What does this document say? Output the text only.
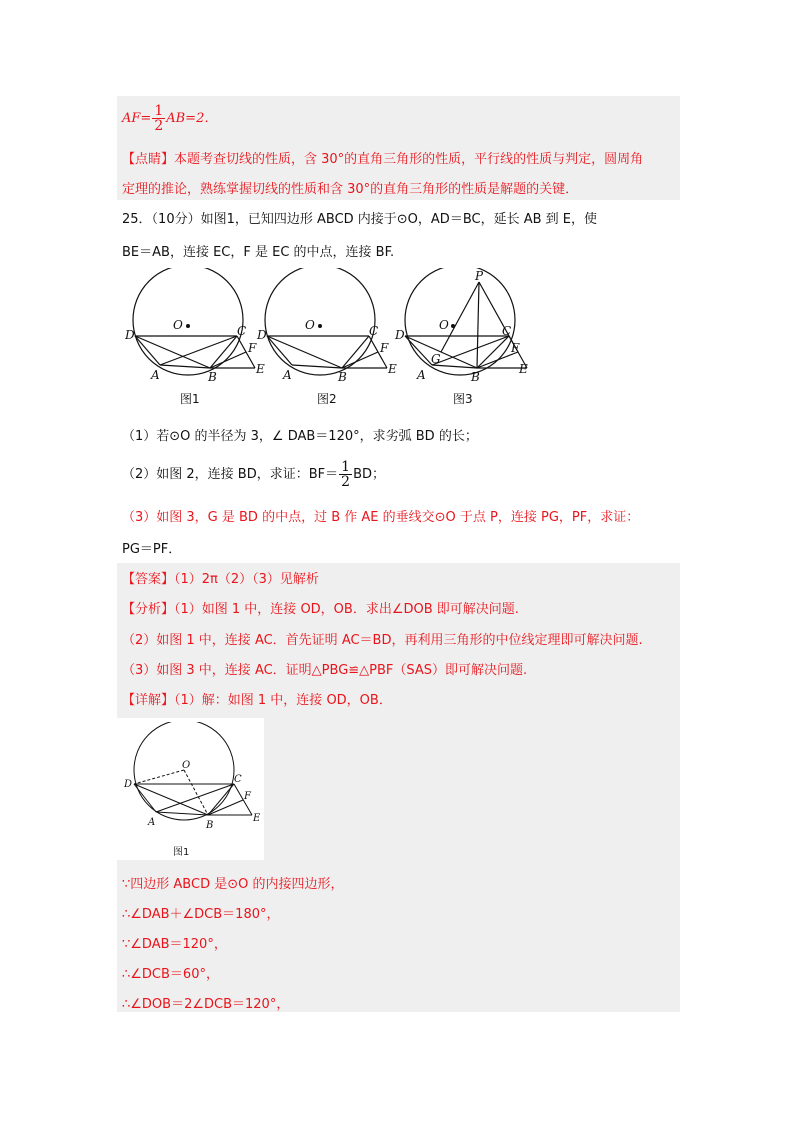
$AF= \frac{1}{2} AB=2$．
【点睛】本题考查切线的性质，含 30°的直角三角形的性质，平行线的性质与判定，圆周角
定理的推论，熟练掌握切线的性质和含 30°的直角三角形的性质是解题的关键．
25．（10分）如图1，已知四边形 ABCD 内接于⊙O，AD＝BC，延长 AB 到 E，使
BE＝AB，连接 EC，F 是 EC 的中点，连接 BF.
D
O	C
F
A	B
E
D
O	C
F
A	B
E
D
O
P
C
F
G
A	B
E
图1	图2	图3
（1）若⊙O 的半径为 3，∠ DAB＝120°，求劣弧 BD 的长；
（2）如图 2，连接 BD，求证：$BF= \frac{1}{2}$ BD；
（3）如图 3，G 是 BD 的中点，过 B 作 AE 的垂线交⊙O 于点 P，连接 PG，PF，求证：
PG＝PF．
【答案】（1）2π（2）（3）见解析
【分析】（1）如图 1 中，连接 OD，OB．求出∠DOB 即可解决问题.
（2）如图 1 中，连接 AC．首先证明 AC＝BD，再利用三角形的中位线定理即可解决问题.
（3）如图 3 中，连接 AC．证明△PBG≌△PBF（SAS）即可解决问题.
【详解】（1）解：如图 1 中，连接 OD，OB．
D
O
C
F
A	B
E
图1
∵四边形 ABCD 是⊙O 的内接四边形，
∴∠DAB＋∠DCB＝180°，
∵∠DAB＝120°，
∴∠DCB＝60°，
∴∠DOB＝2∠DCB＝120°，
